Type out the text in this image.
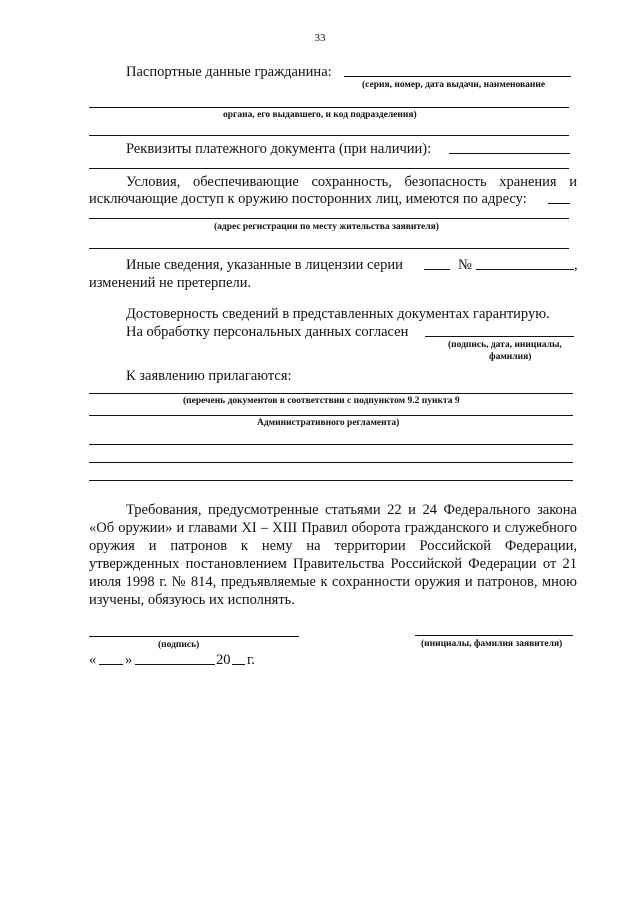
33
Паспортные данные гражданина:
(серия, номер, дата выдачи, наименование
органа, его выдавшего, и код подразделения)
Реквизиты платежного документа (при наличии):
Условия, обеспечивающие сохранность, безопасность хранения и
исключающие доступ к оружию посторонних лиц, имеются по адресу:
(адрес регистрации по месту жительства заявителя)
Иные сведения, указанные в лицензии серии	№	,
изменений не претерпели.
Достоверность сведений в представленных документах гарантирую.
На обработку персональных данных согласен
(подпись, дата, инициалы,
фамилия)
К заявлению прилагаются:
(перечень документов в соответствии с подпунктом 9.2 пункта 9
Административного регламента)
Требования, предусмотренные статьями 22 и 24 Федерального закона «Об оружии» и главами XI – XIII Правил оборота гражданского и служебного оружия и патронов к нему на территории Российской Федерации, утвержденных постановлением Правительства Российской Федерации от 21 июля 1998 г. № 814, предъявляемые к сохранности оружия и патронов, мною изучены, обязуюсь их исполнять.
(подпись)	(инициалы, фамилия заявителя)
« »	20 г.
